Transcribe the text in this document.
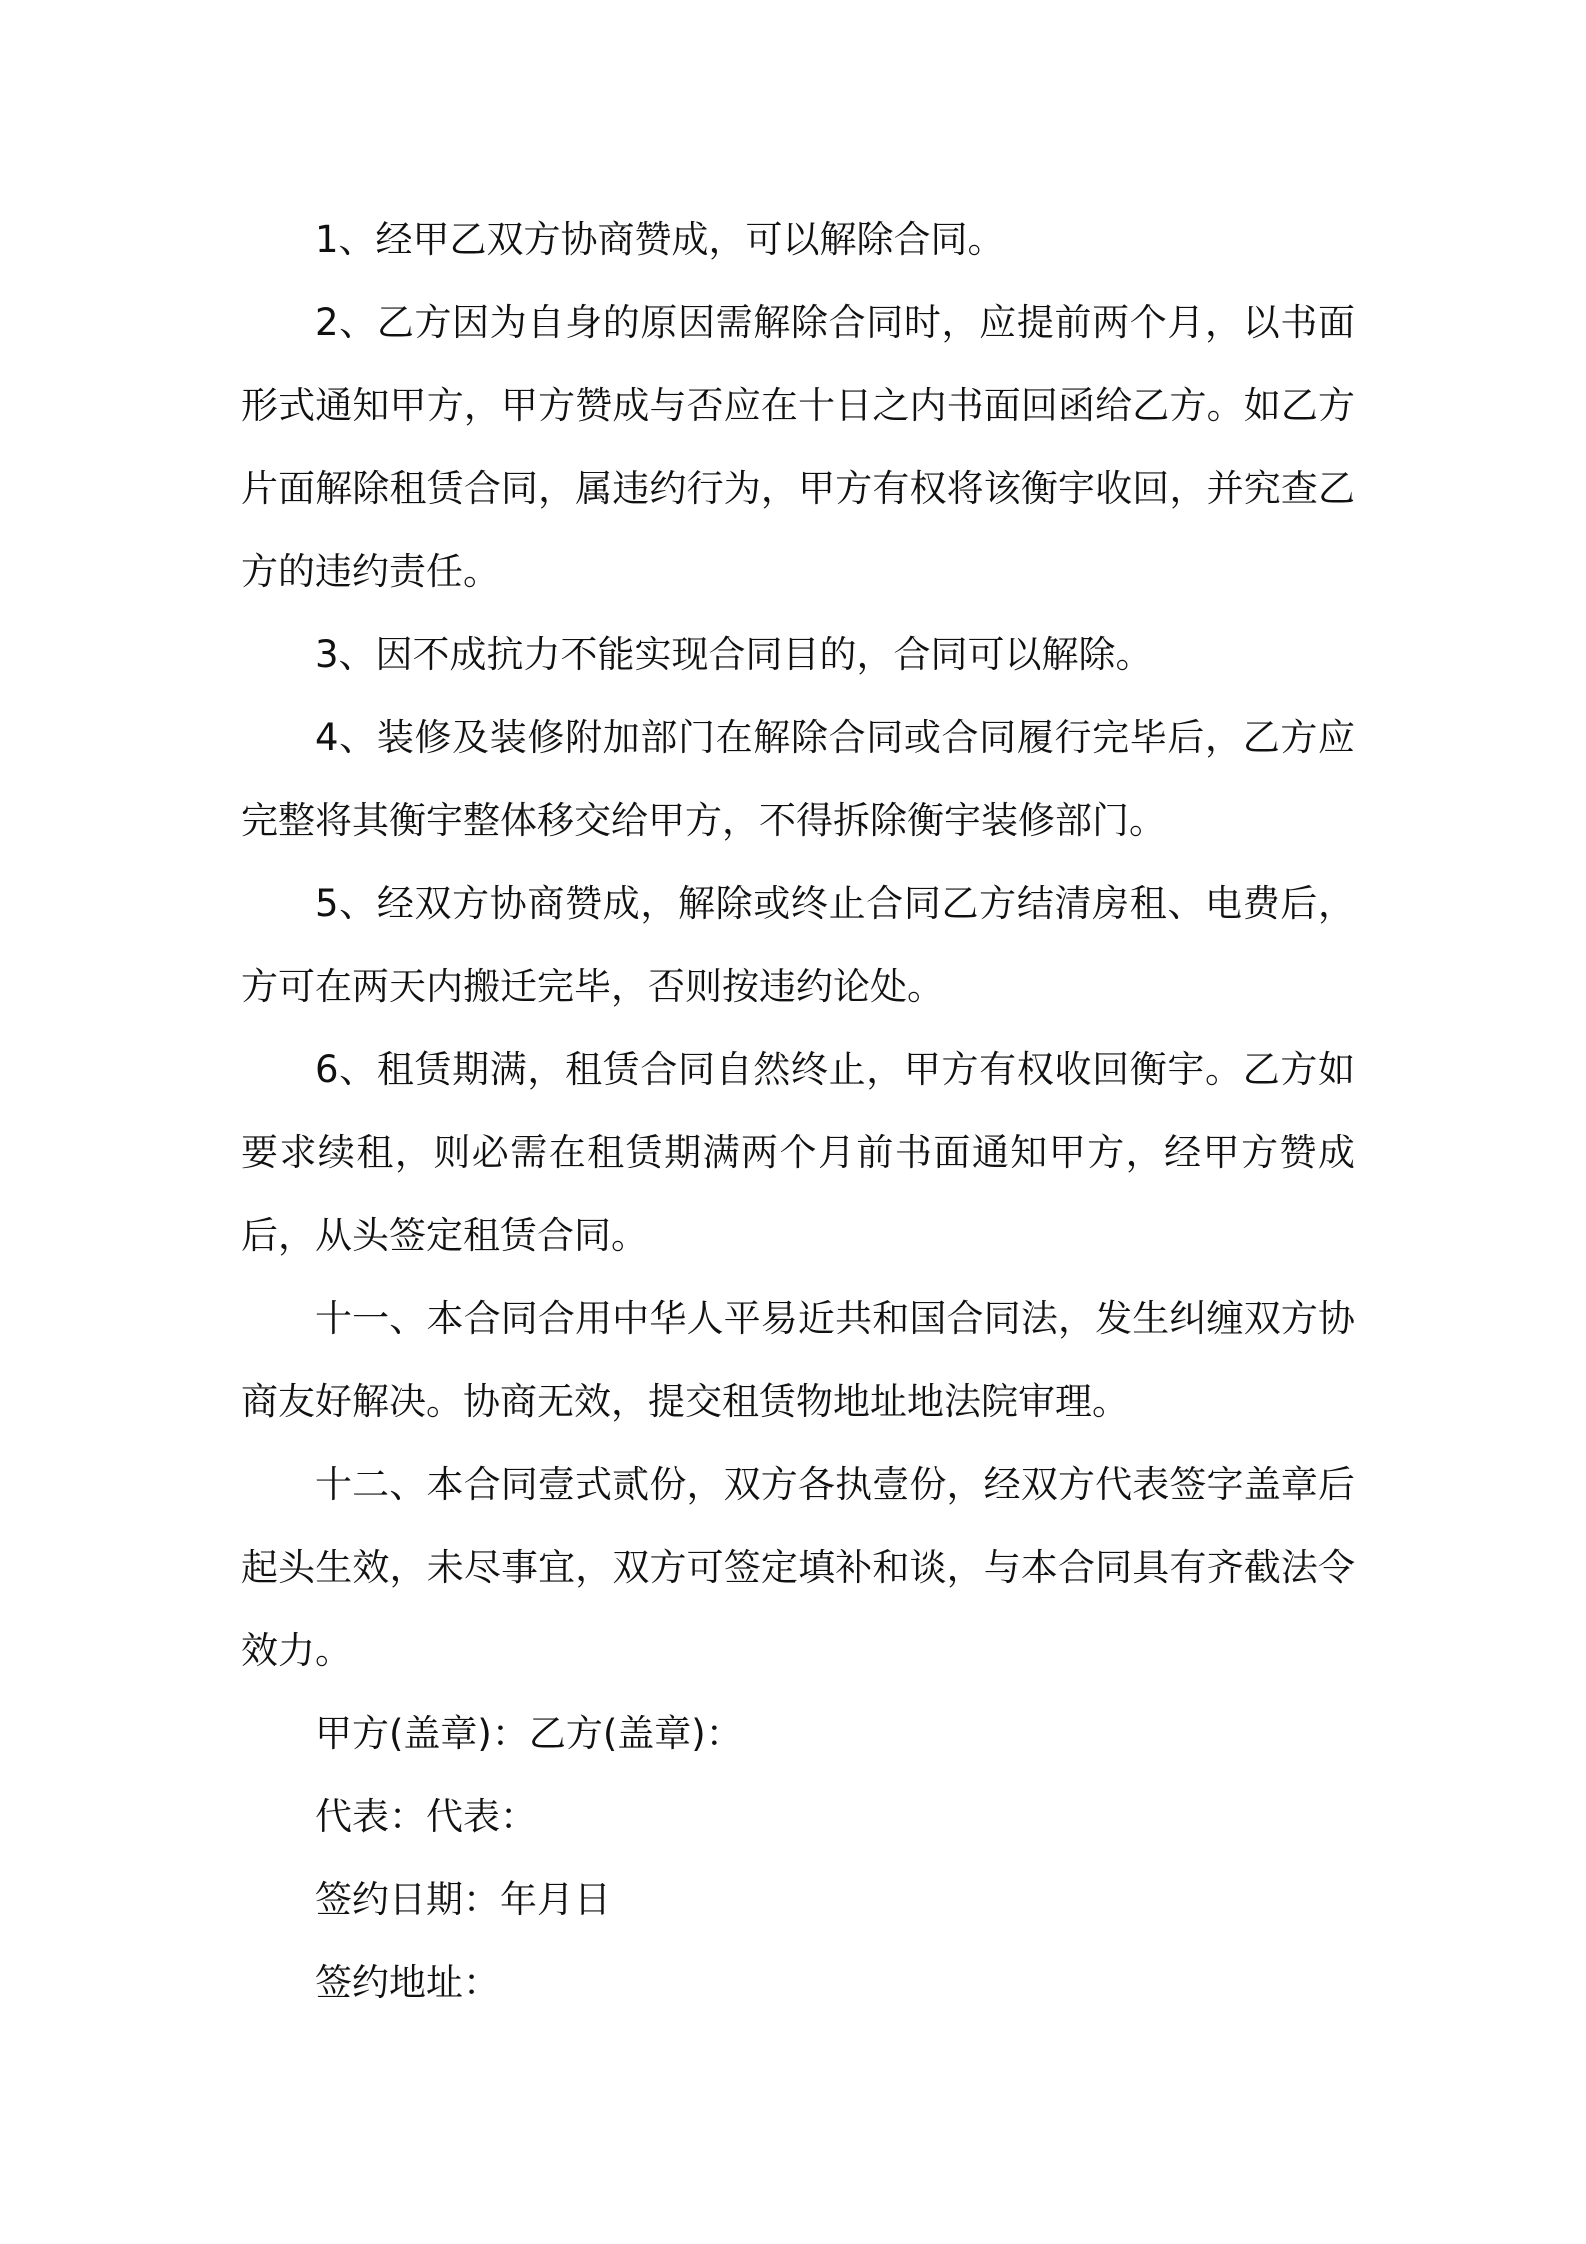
1、经甲乙双方协商赞成，可以解除合同。

2、乙方因为自身的原因需解除合同时，应提前两个月，以书面形式通知甲方，甲方赞成与否应在十日之内书面回函给乙方。如乙方片面解除租赁合同，属违约行为，甲方有权将该衡宇收回，并究查乙方的违约责任。

3、因不成抗力不能实现合同目的，合同可以解除。

4、装修及装修附加部门在解除合同或合同履行完毕后，乙方应完整将其衡宇整体移交给甲方，不得拆除衡宇装修部门。

5、经双方协商赞成，解除或终止合同乙方结清房租、电费后，方可在两天内搬迁完毕，否则按违约论处。

6、租赁期满，租赁合同自然终止，甲方有权收回衡宇。乙方如要求续租，则必需在租赁期满两个月前书面通知甲方，经甲方赞成后，从头签定租赁合同。

十一、本合同合用中华人平易近共和国合同法，发生纠缠双方协商友好解决。协商无效，提交租赁物地址地法院审理。

十二、本合同壹式贰份，双方各执壹份，经双方代表签字盖章后起头生效，未尽事宜，双方可签定填补和谈，与本合同具有齐截法令效力。

甲方(盖章)：乙方(盖章)：

代表：代表：

签约日期：年月日

签约地址：
